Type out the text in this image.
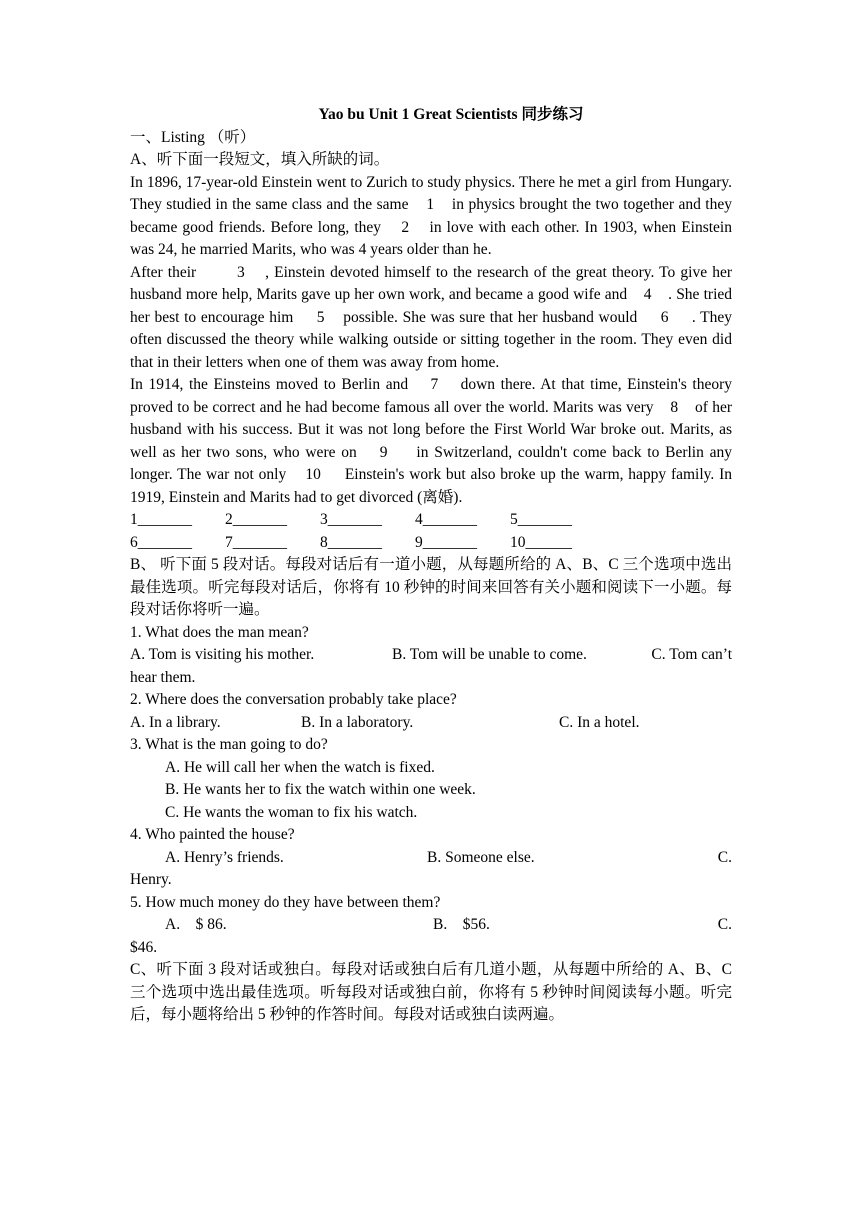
Yao bu Unit 1 Great Scientists 同步练习

一、Listing （听）

A、听下面一段短文，填入所缺的词。

In 1896, 17-year-old Einstein went to Zurich to study physics. There he met a girl from Hungary. They studied in the same class and the same    1    in physics brought the two together and they became good friends. Before long, they    2    in love with each other. In 1903, when Einstein was 24, he married Marits, who was 4 years older than he.

After their        3    , Einstein devoted himself to the research of the great theory. To give her husband more help, Marits gave up her own work, and became a good wife and    4    . She tried her best to encourage him     5    possible. She was sure that her husband would     6     . They often discussed the theory while walking outside or sitting together in the room. They even did that in their letters when one of them was away from home.

In 1914, the Einsteins moved to Berlin and    7    down there. At that time, Einstein's theory proved to be correct and he had become famous all over the world. Marits was very    8    of her husband with his success. But it was not long before the First World War broke out. Marits, as well as her two sons, who were on    9     in Switzerland, couldn't come back to Berlin any longer. The war not only    10     Einstein's work but also broke up the warm, happy family. In 1919, Einstein and Marits had to get divorced (离婚).

1_______	2_______	3_______	4_______	5_______
6_______	7_______	8_______	9_______	10______

B、 听下面 5 段对话。每段对话后有一道小题，从每题所给的 A、B、C 三个选项中选出最佳选项。听完每段对话后，你将有 10 秒钟的时间来回答有关小题和阅读下一小题。每段对话你将听一遍。

1. What does the man mean?

A. Tom is visiting his mother.	B. Tom will be unable to come.	C. Tom can’t

hear them.

2. Where does the conversation probably take place?

A. In a library.	B. In a laboratory.	C. In a hotel.

3. What is the man going to do?

A. He will call her when the watch is fixed.

B. He wants her to fix the watch within one week.

C. He wants the woman to fix his watch.

4. Who painted the house?

A. Henry’s friends.	B. Someone else.	C.

Henry.

5. How much money do they have between them?

A.    $ 86.	B.    $56.	C.

$46.

C、听下面 3 段对话或独白。每段对话或独白后有几道小题，从每题中所给的 A、B、C 三个选项中选出最佳选项。听每段对话或独白前，你将有 5 秒钟时间阅读每小题。听完后，每小题将给出 5 秒钟的作答时间。每段对话或独白读两遍。
